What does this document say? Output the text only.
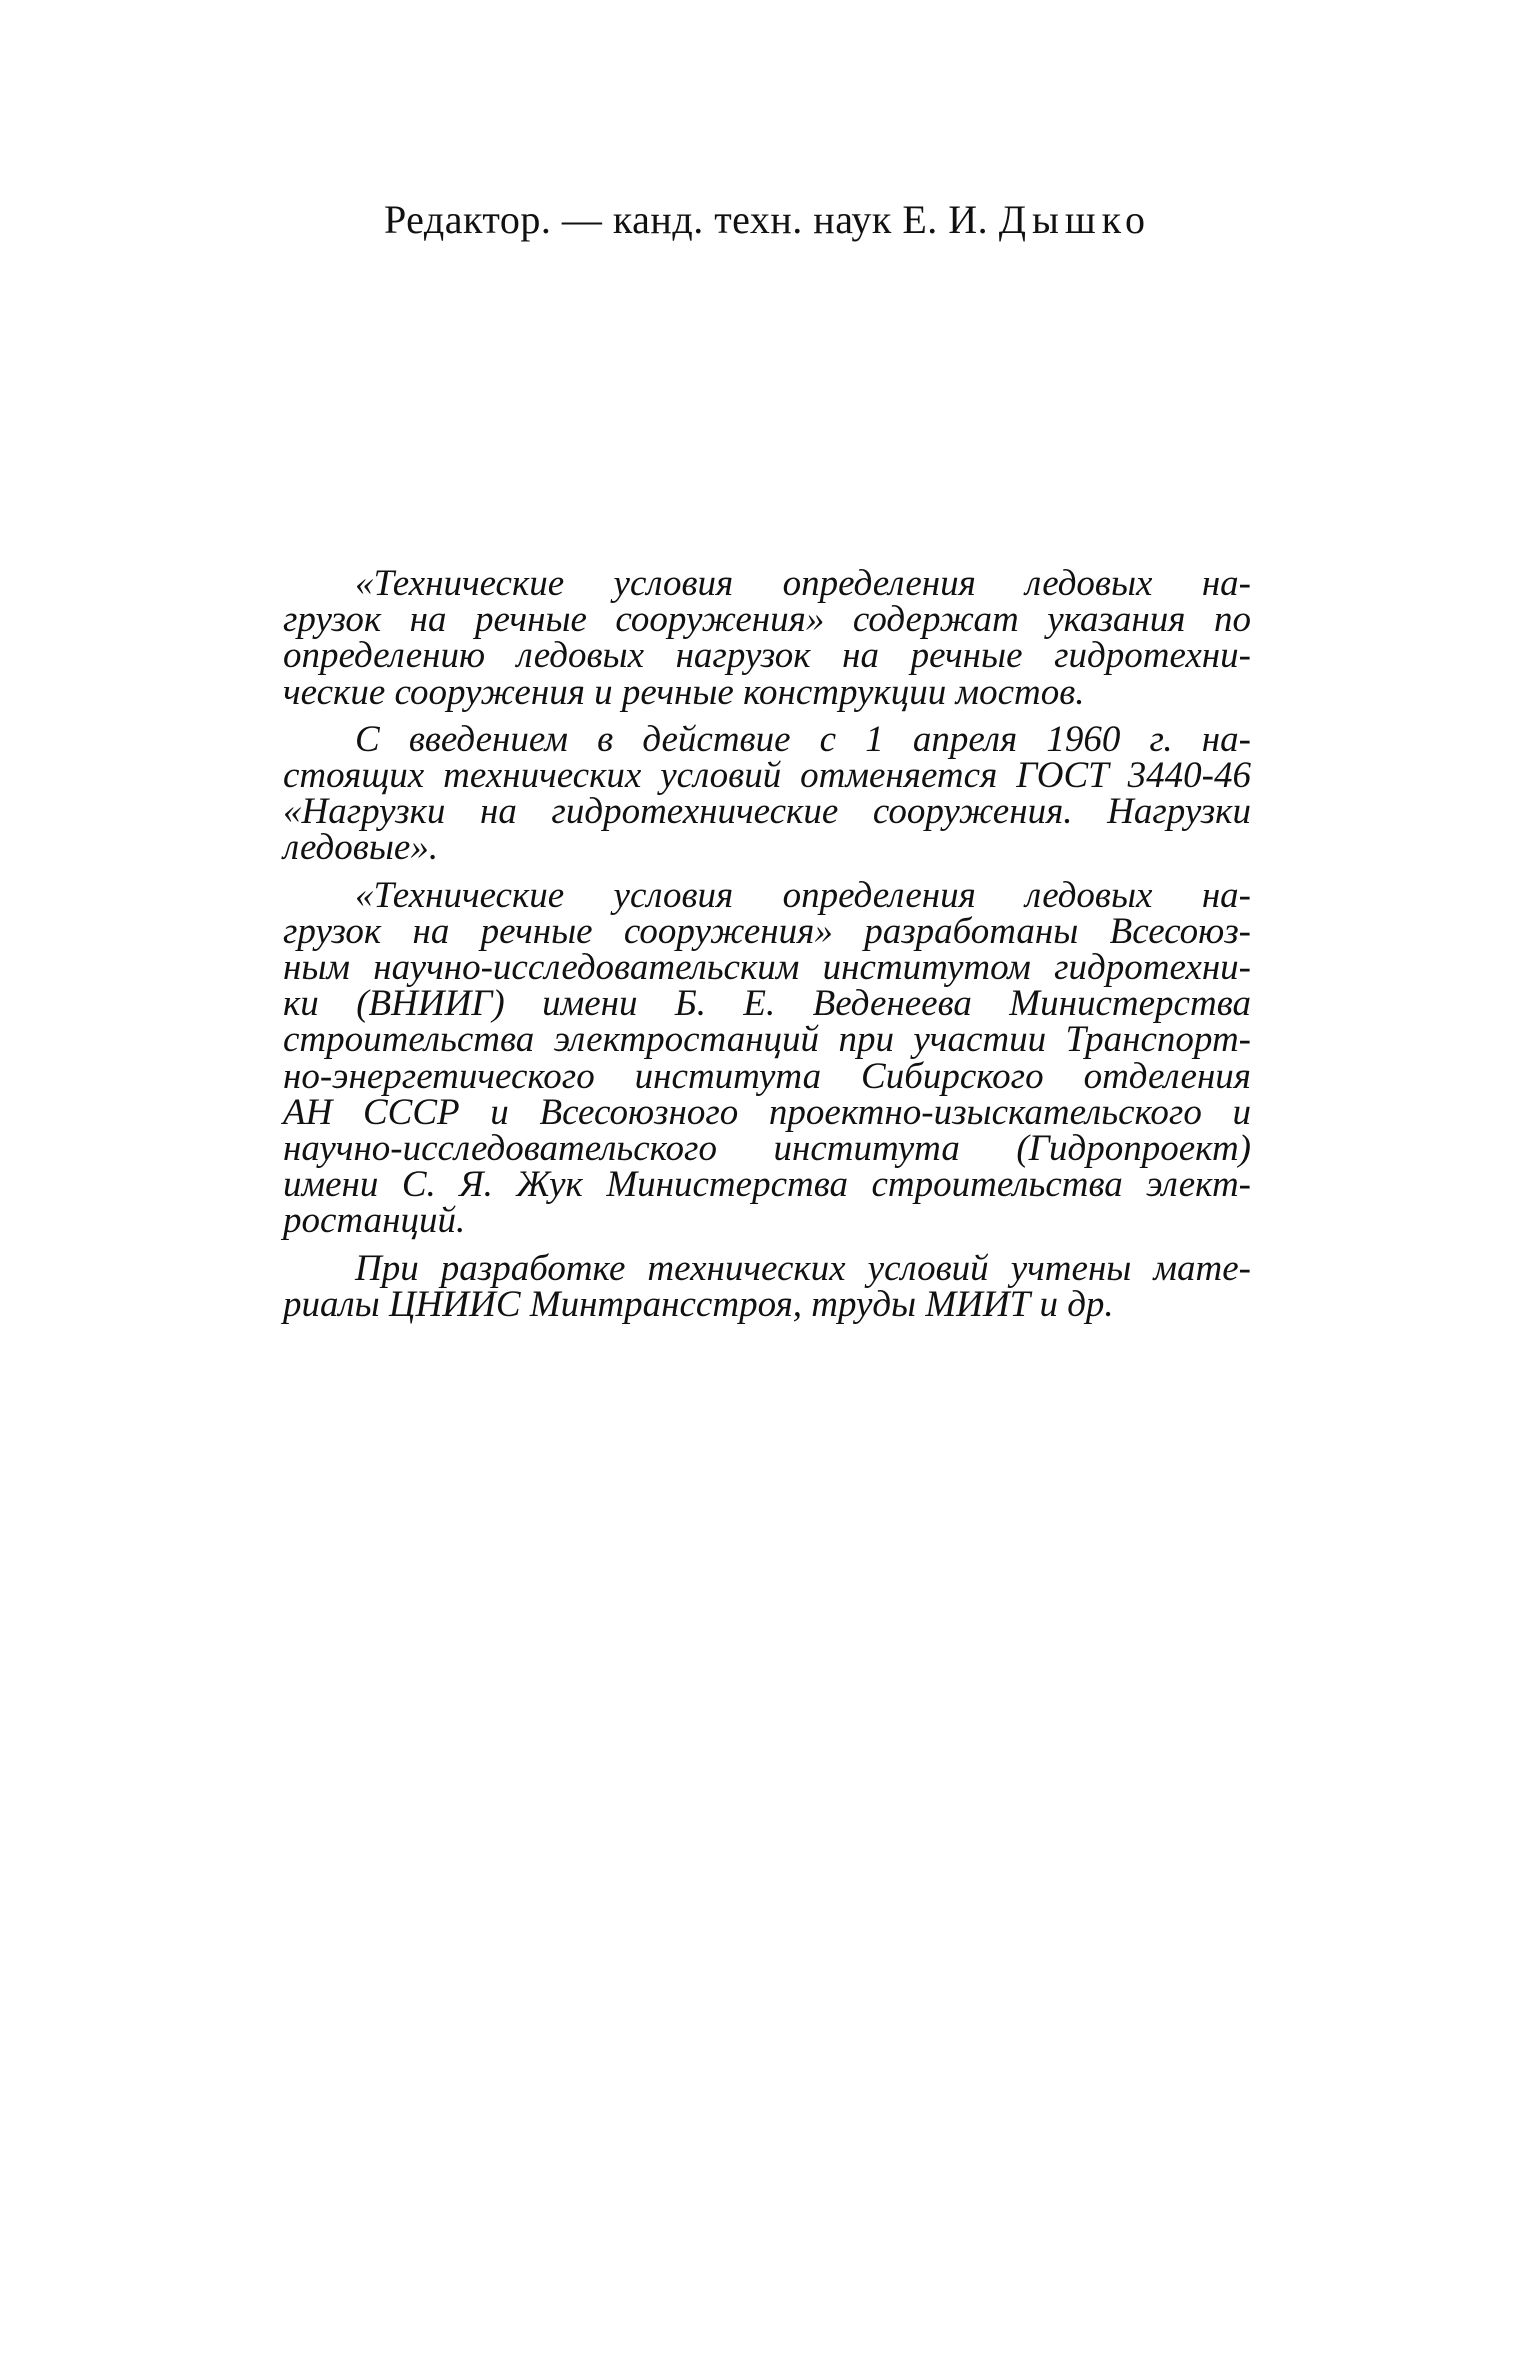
Редактор. — канд. техн. наук Е. И. Дышко

«Технические условия определения ледовых на-
грузок на речные сооружения» содержат указания по
определению ледовых нагрузок на речные гидротехни-
ческие сооружения и речные конструкции мостов.

С введением в действие с 1 апреля 1960 г. на-
стоящих технических условий отменяется ГОСТ 3440-46
«Нагрузки на гидротехнические сооружения. Нагрузки
ледовые».

«Технические условия определения ледовых на-
грузок на речные сооружения» разработаны Всесоюз-
ным научно-исследовательским институтом гидротехни-
ки (ВНИИГ) имени Б. Е. Веденеева Министерства
строительства электростанций при участии Транспорт-
но-энергетического института Сибирского отделения
АН СССР и Всесоюзного проектно-изыскательского и
научно-исследовательского института (Гидропроект)
имени С. Я. Жук Министерства строительства элект-
ростанций.

При разработке технических условий учтены мате-
риалы ЦНИИС Минтрансстроя, труды МИИТ и др.
